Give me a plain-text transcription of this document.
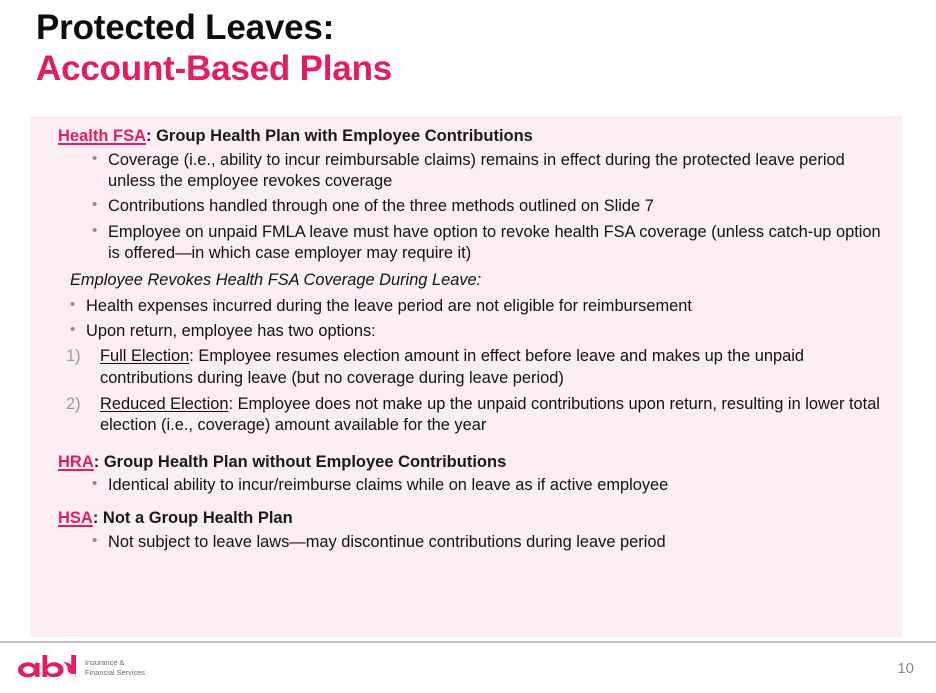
Protected Leaves:
Account-Based Plans
Health FSA: Group Health Plan with Employee Contributions
• Coverage (i.e., ability to incur reimbursable claims) remains in effect during the protected leave period unless the employee revokes coverage
• Contributions handled through one of the three methods outlined on Slide 7
• Employee on unpaid FMLA leave must have option to revoke health FSA coverage (unless catch-up option is offered—in which case employer may require it)
Employee Revokes Health FSA Coverage During Leave:
• Health expenses incurred during the leave period are not eligible for reimbursement
• Upon return, employee has two options:
1) Full Election: Employee resumes election amount in effect before leave and makes up the unpaid contributions during leave (but no coverage during leave period)
2) Reduced Election: Employee does not make up the unpaid contributions upon return, resulting in lower total election (i.e., coverage) amount available for the year
HRA: Group Health Plan without Employee Contributions
• Identical ability to incur/reimburse claims while on leave as if active employee
HSA: Not a Group Health Plan
• Not subject to leave laws—may discontinue contributions during leave period
Insurance &
Financial Services	10
